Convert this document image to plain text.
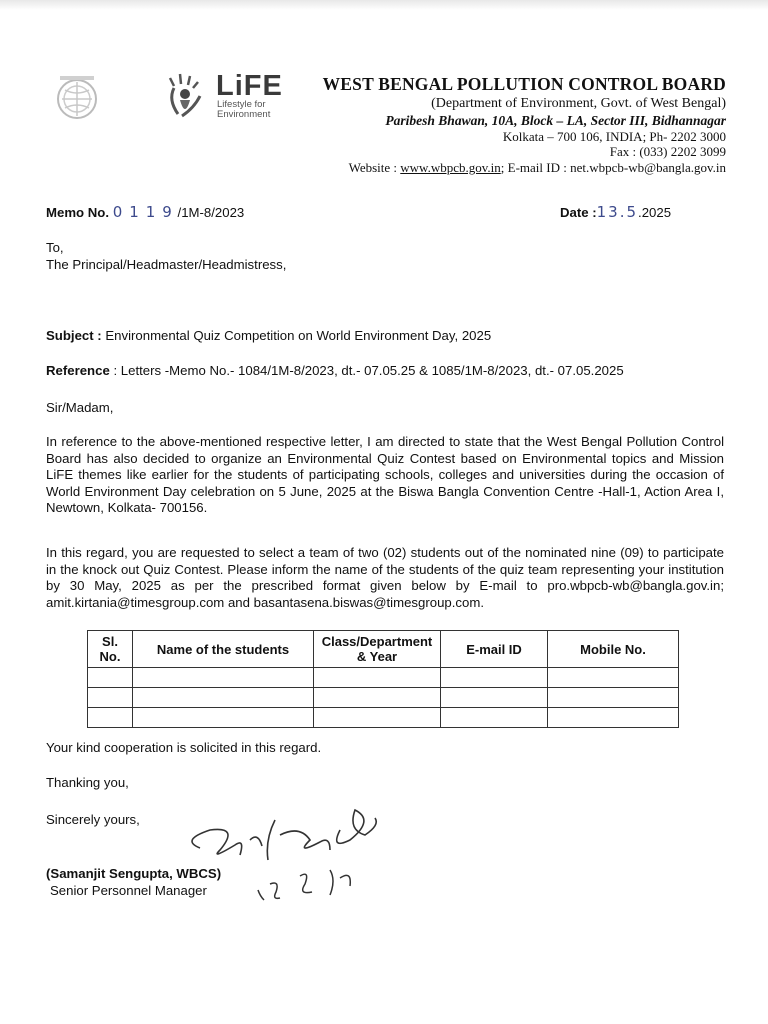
LiFE
Lifestyle for
Environment
WEST BENGAL POLLUTION CONTROL BOARD
(Department of Environment, Govt. of West Bengal)
Paribesh Bhawan, 10A, Block – LA, Sector III, Bidhannagar
Kolkata – 700 106, INDIA; Ph- 2202 3000
Fax : (033) 2202 3099
Website : www.wbpcb.gov.in; E-mail ID : net.wbpcb-wb@bangla.gov.in
Memo No. 0 1 1 9 /1M-8/2023	Date :13.5.2025
To,
The Principal/Headmaster/Headmistress,
Subject : Environmental Quiz Competition on World Environment Day, 2025
Reference : Letters -Memo No.- 1084/1M-8/2023, dt.- 07.05.25 & 1085/1M-8/2023, dt.- 07.05.2025
Sir/Madam,
In reference to the above-mentioned respective letter, I am directed to state that the West Bengal Pollution Control Board has also decided to organize an Environmental Quiz Contest based on Environmental topics and Mission LiFE themes like earlier for the students of participating schools, colleges and universities during the occasion of World Environment Day celebration on 5 June, 2025 at the Biswa Bangla Convention Centre -Hall-1, Action Area I, Newtown, Kolkata- 700156.
In this regard, you are requested to select a team of two (02) students out of the nominated nine (09) to participate in the knock out Quiz Contest. Please inform the name of the students of the quiz team representing your institution by 30 May, 2025 as per the prescribed format given below by E-mail to pro.wbpcb-wb@bangla.gov.in; amit.kirtania@timesgroup.com and basantasena.biswas@timesgroup.com.
Sl. No.	Name of the students	Class/Department & Year	E-mail ID	Mobile No.

Your kind cooperation is solicited in this regard.
Thanking you,
Sincerely yours,
(Samanjit Sengupta, WBCS)
Senior Personnel Manager
